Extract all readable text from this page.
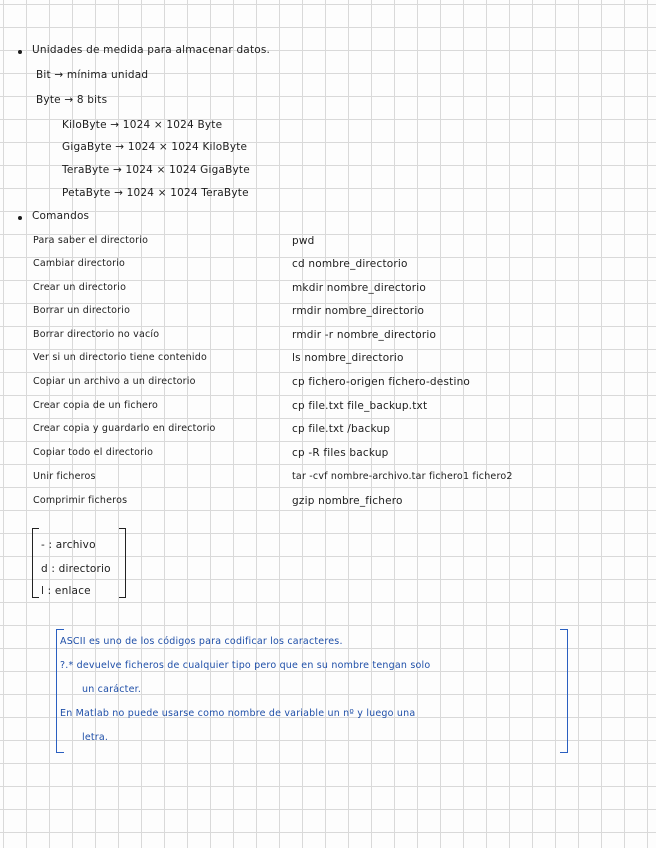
Unidades de medida para almacenar datos.
Bit → mínima unidad
Byte → 8 bits
KiloByte → 1024 × 1024 Byte
GigaByte → 1024 × 1024 KiloByte
TeraByte → 1024 × 1024 GigaByte
PetaByte → 1024 × 1024 TeraByte
Comandos
Para saber el directorio	pwd
Cambiar directorio	cd nombre_directorio
Crear un directorio	mkdir nombre_directorio
Borrar un directorio	rmdir nombre_directorio
Borrar directorio no vacío	rmdir -r nombre_directorio
Ver si un directorio tiene contenido	ls nombre_directorio
Copiar un archivo a un directorio	cp fichero-origen fichero-destino
Crear copia de un fichero	cp file.txt file_backup.txt
Crear copia y guardarlo en directorio	cp file.txt /backup
Copiar todo el directorio	cp -R files backup
Unir ficheros	tar -cvf nombre-archivo.tar fichero1 fichero2
Comprimir ficheros	gzip nombre_fichero
- : archivo
d : directorio
l : enlace
ASCII es uno de los códigos para codificar los caracteres.
?.* devuelve ficheros de cualquier tipo pero que en su nombre tengan solo
un carácter.
En Matlab no puede usarse como nombre de variable un nº y luego una
letra.
